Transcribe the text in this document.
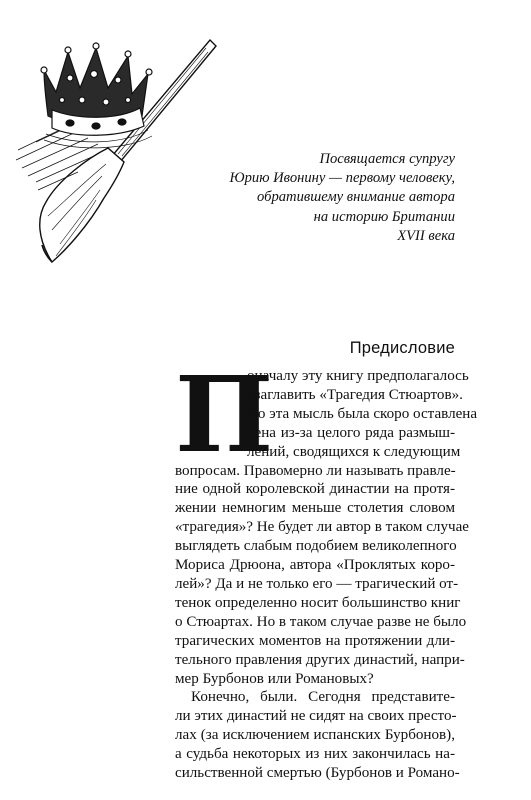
Посвящается супругу
Юрию Ивонину — первому человеку,
обратившему внимание автора
на историю Британии
XVII века
Предисловие
П
оначалу эту книгу предполагалось
озаглавить «Трагедия Стюартов».
Но эта мысль была скоро оставлена
лена из-за целого ряда размыш-
лений, сводящихся к следующим
вопросам. Правомерно ли называть правле-
ние одной королевской династии на протя-
жении немногим меньше столетия словом
«трагедия»? Не будет ли автор в таком случае
выглядеть слабым подобием великолепного
Мориса Дрюона, автора «Проклятых коро-
лей»? Да и не только его — трагический от-
тенок определенно носит большинство книг
о Стюартах. Но в таком случае разве не было
трагических моментов на протяжении дли-
тельного правления других династий, напри-
мер Бурбонов или Романовых?
Конечно, были. Сегодня представите-
ли этих династий не сидят на своих престо-
лах (за исключением испанских Бурбонов),
а судьба некоторых из них закончилась на-
сильственной смертью (Бурбонов и Романо-
